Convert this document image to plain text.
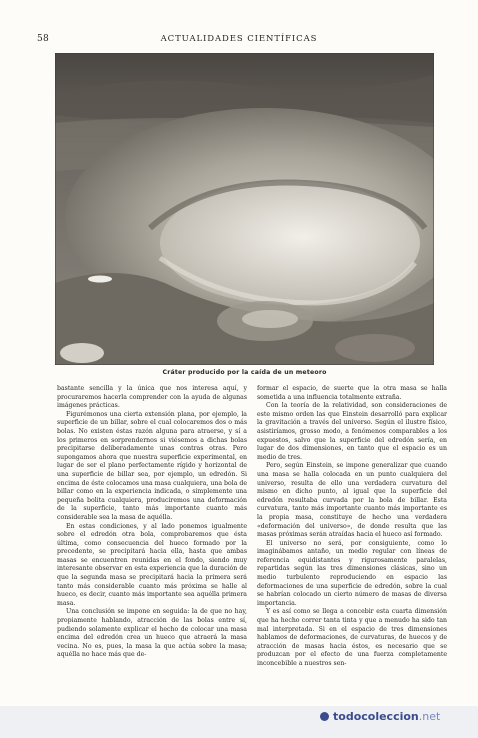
58	ACTUALIDADES CIENTÍFICAS
Cráter producido por la caída de un meteoro

bastante sencilla y la única que nos interesa aquí, y procuraremos hacerla comprender con la ayuda de algunas imágenes prácticas.

Figurémonos una cierta extensión plana, por ejemplo, la superficie de un billar, sobre el cual colocaremos dos o más bolas. No existen éstas razón alguna para atraerse, y sí a los primeros en sorprendernos si viésemos a dichas bolas precipitarse deliberadamente unas contras otras. Pero supongamos ahora que nuestra superficie experimental, en lugar de ser el plano perfectamente rígido y horizontal de una superficie de billar sea, por ejemplo, un edredón. Si encima de éste colocamos una masa cualquiera, una bola de billar como en la experiencia indicada, o simplemente una pequeña bolita cualquiera, produciremos una deformación de la superficie, tanto más importante cuanto más considerable sea la masa de aquélla.

En estas condiciones, y al lado ponemos igualmente sobre el edredón otra bola, comprobaremos que ésta última, como consecuencia del hueco formado por la precedente, se precipitará hacia ella, hasta que ambas masas se encuentren reunidas en el fondo, siendo muy interesante observar en esta experiencia que la duración de que la segunda masa se precipitará hacia la primera será tanto más considerable cuanto más próxima se halle al hueco, es decir, cuanto más importante sea aquélla primera masa.

Una conclusión se impone en seguida: la de que no hay, propiamente hablando, atracción de las bolas entre sí, pudiendo solamente explicar el hecho de colocar una masa encima del edredón crea un hueco que atraerá la masa vecina. No es, pues, la masa la que actúa sobre la masa; aquélla no hace más que de-

formar el espacio, de suerte que la otra masa se halla sometida a una influencia totalmente extraña.

Con la teoría de la relatividad, son consideraciones de este mismo orden las que Einstein desarrolló para explicar la gravitación a través del universo. Según el ilustre físico, asistiríamos, grosso modo, a fenómenos comparables a los expuestos, salvo que la superficie del edredón sería, en lugar de dos dimensiones, en tanto que el espacio es un medio de tres.

Pero, según Einstein, se impone generalizar que cuando una masa se halla colocada en un punto cualquiera del universo, resulta de ello una verdadera curvatura del mismo en dicho punto, al igual que la superficie del edredón resultaba curvada por la bola de billar. Esta curvatura, tanto más importante cuanto más importante es la propia masa, constituye de hecho una verdadera «deformación del universo», de donde resulta que las masas próximas serán atraídas hacia el hueco así formado.

El universo no será, por consiguiente, como lo imaginábamos antaño, un medio regular con líneas de referencia equidistantes y rigurosamente paralelas, repartidas según las tres dimensiones clásicas, sino un medio turbulento reproduciendo en espacio las deformaciones de una superficie de edredón, sobre la cual se habrían colocado un cierto número de masas de diversa importancia.

Y es así como se llega a concebir esta cuarta dimensión que ha hecho correr tanta tinta y que a menudo ha sido tan mal interpretada. Si en el espacio de tres dimensiones hablamos de deformaciones, de curvaturas, de huecos y de atracción de masas hacia éstos, es necesario que se produzcan por el efecto de una fuerza completamente inconcebible a nuestros sen-

todocoleccion .net
